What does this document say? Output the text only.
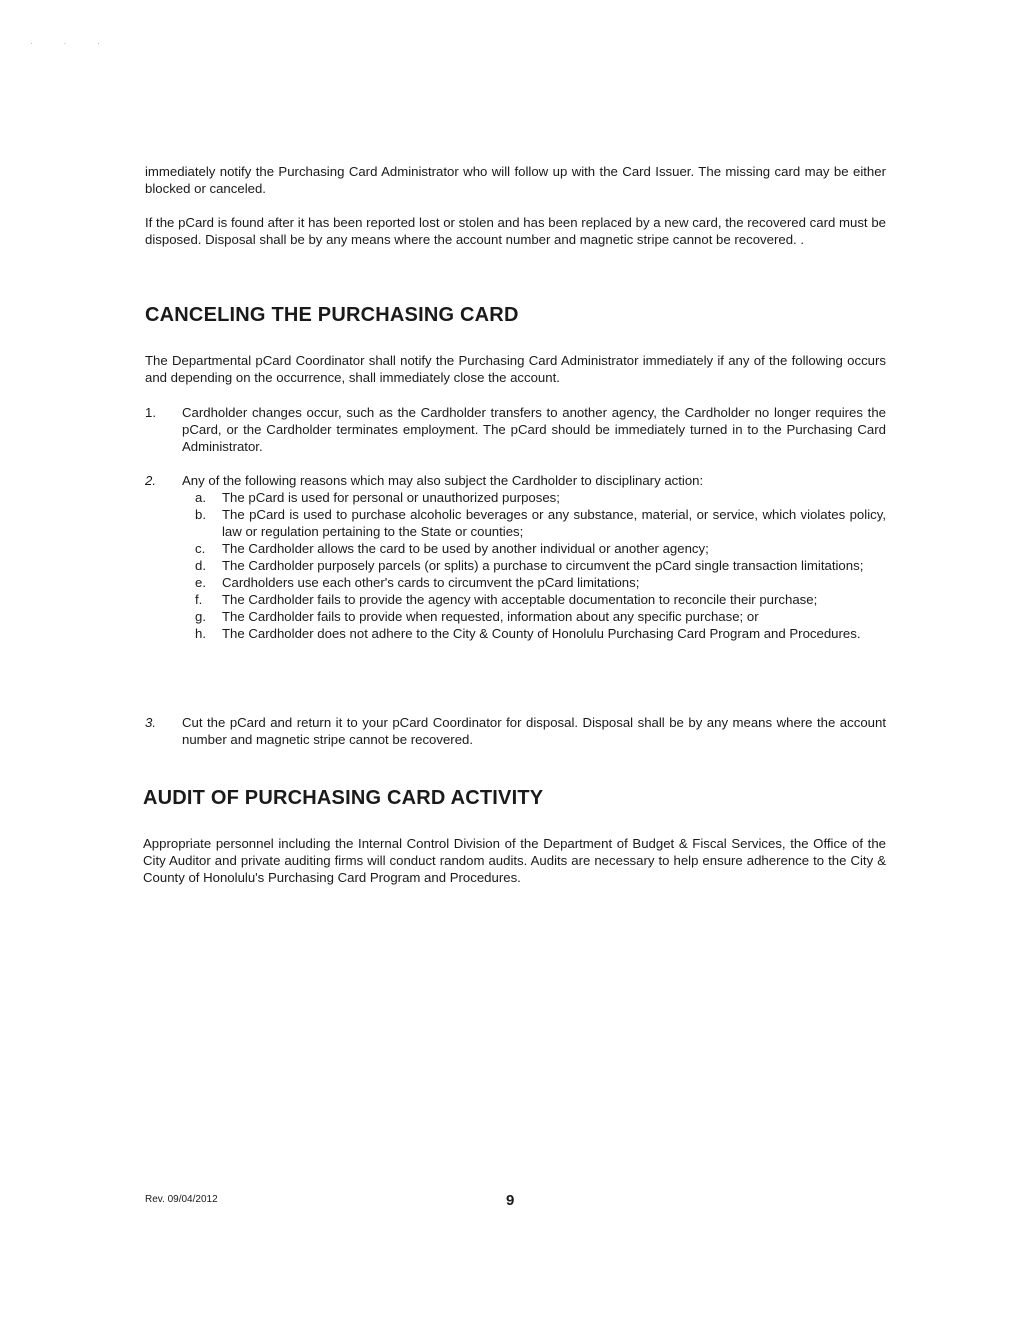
· · ·

immediately notify the Purchasing Card Administrator who will follow up with the Card Issuer. The missing card may be either blocked or canceled.

If the pCard is found after it has been reported lost or stolen and has been replaced by a new card, the recovered card must be disposed. Disposal shall be by any means where the account number and magnetic stripe cannot be recovered. .

CANCELING THE PURCHASING CARD

The Departmental pCard Coordinator shall notify the Purchasing Card Administrator immediately if any of the following occurs and depending on the occurrence, shall immediately close the account.

1.	Cardholder changes occur, such as the Cardholder transfers to another agency, the Cardholder no longer requires the pCard, or the Cardholder terminates employment. The pCard should be immediately turned in to the Purchasing Card Administrator.
2.	Any of the following reasons which may also subject the Cardholder to disciplinary action:
a.	The pCard is used for personal or unauthorized purposes;
b.	The pCard is used to purchase alcoholic beverages or any substance, material, or service, which violates policy, law or regulation pertaining to the State or counties;
c.	The Cardholder allows the card to be used by another individual or another agency;
d.	The Cardholder purposely parcels (or splits) a purchase to circumvent the pCard single transaction limitations;
e.	Cardholders use each other's cards to circumvent the pCard limitations;
f.	The Cardholder fails to provide the agency with acceptable documentation to reconcile their purchase;
g.	The Cardholder fails to provide when requested, information about any specific purchase; or
h.	The Cardholder does not adhere to the City & County of Honolulu Purchasing Card Program and Procedures.
3.	Cut the pCard and return it to your pCard Coordinator for disposal. Disposal shall be by any means where the account number and magnetic stripe cannot be recovered.
AUDIT OF PURCHASING CARD ACTIVITY

Appropriate personnel including the Internal Control Division of the Department of Budget & Fiscal Services, the Office of the City Auditor and private auditing firms will conduct random audits. Audits are necessary to help ensure adherence to the City & County of Honolulu's Purchasing Card Program and Procedures.

Rev. 09/04/2012	9
